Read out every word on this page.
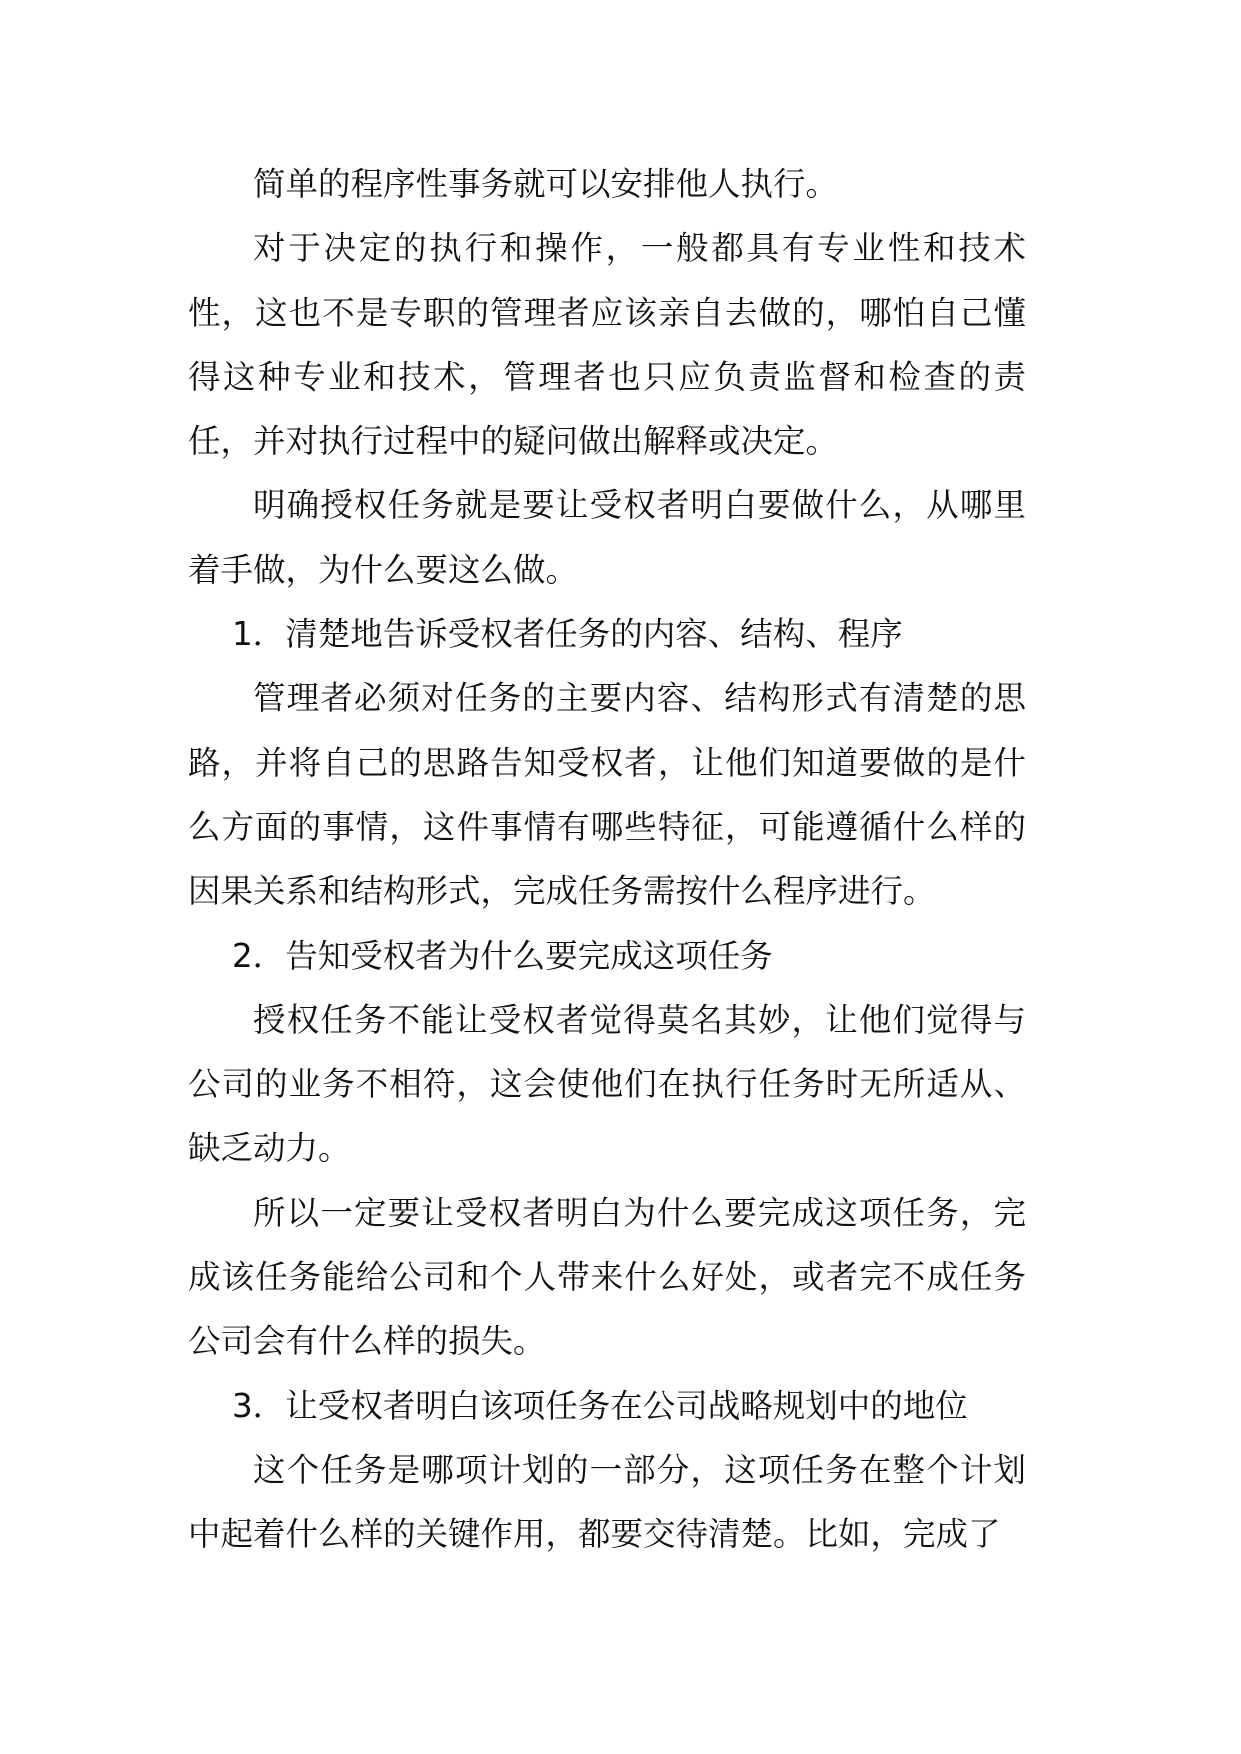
简单的程序性事务就可以安排他人执行。

对于决定的执行和操作，一般都具有专业性和技术性，这也不是专职的管理者应该亲自去做的，哪怕自己懂得这种专业和技术，管理者也只应负责监督和检查的责任，并对执行过程中的疑问做出解释或决定。

明确授权任务就是要让受权者明白要做什么，从哪里着手做，为什么要这么做。

1．清楚地告诉受权者任务的内容、结构、程序

管理者必须对任务的主要内容、结构形式有清楚的思路，并将自己的思路告知受权者，让他们知道要做的是什么方面的事情，这件事情有哪些特征，可能遵循什么样的因果关系和结构形式，完成任务需按什么程序进行。

2．告知受权者为什么要完成这项任务

授权任务不能让受权者觉得莫名其妙，让他们觉得与公司的业务不相符，这会使他们在执行任务时无所适从、缺乏动力。

所以一定要让受权者明白为什么要完成这项任务，完成该任务能给公司和个人带来什么好处，或者完不成任务公司会有什么样的损失。

3．让受权者明白该项任务在公司战略规划中的地位

这个任务是哪项计划的一部分，这项任务在整个计划中起着什么样的关键作用，都要交待清楚。比如，完成了
